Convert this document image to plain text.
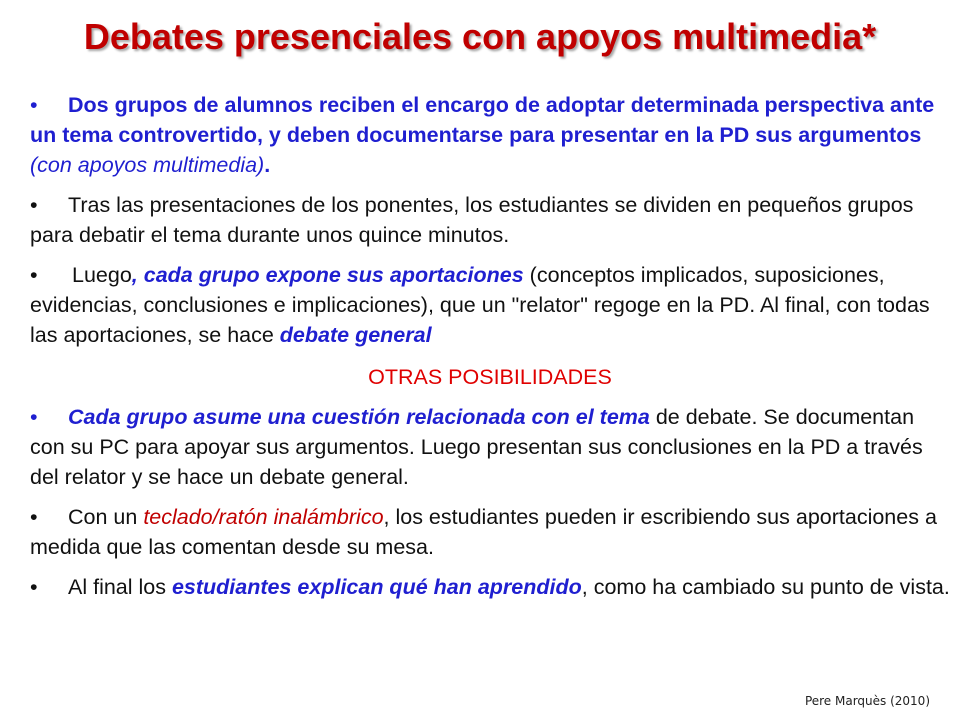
Debates presenciales con apoyos multimedia*

• Dos grupos de alumnos reciben el encargo de adoptar determinada perspectiva ante un tema controvertido, y deben documentarse para presentar en la PD sus argumentos (con apoyos multimedia).

• Tras las presentaciones de los ponentes, los estudiantes se dividen en pequeños grupos para debatir el tema durante unos quince minutos.

• Luego, cada grupo expone sus aportaciones (conceptos implicados, suposiciones, evidencias, conclusiones e implicaciones), que un "relator" regoge en la PD. Al final, con todas las aportaciones, se hace debate general

OTRAS POSIBILIDADES

• Cada grupo asume una cuestión relacionada con el tema de debate. Se documentan con su PC para apoyar sus argumentos. Luego presentan sus conclusiones en la PD a través del relator y se hace un debate general.

• Con un teclado/ratón inalámbrico, los estudiantes pueden ir escribiendo sus aportaciones a medida que las comentan desde su mesa.

• Al final los estudiantes explican qué han aprendido, como ha cambiado su punto de vista.

Pere Marquès (2010)
